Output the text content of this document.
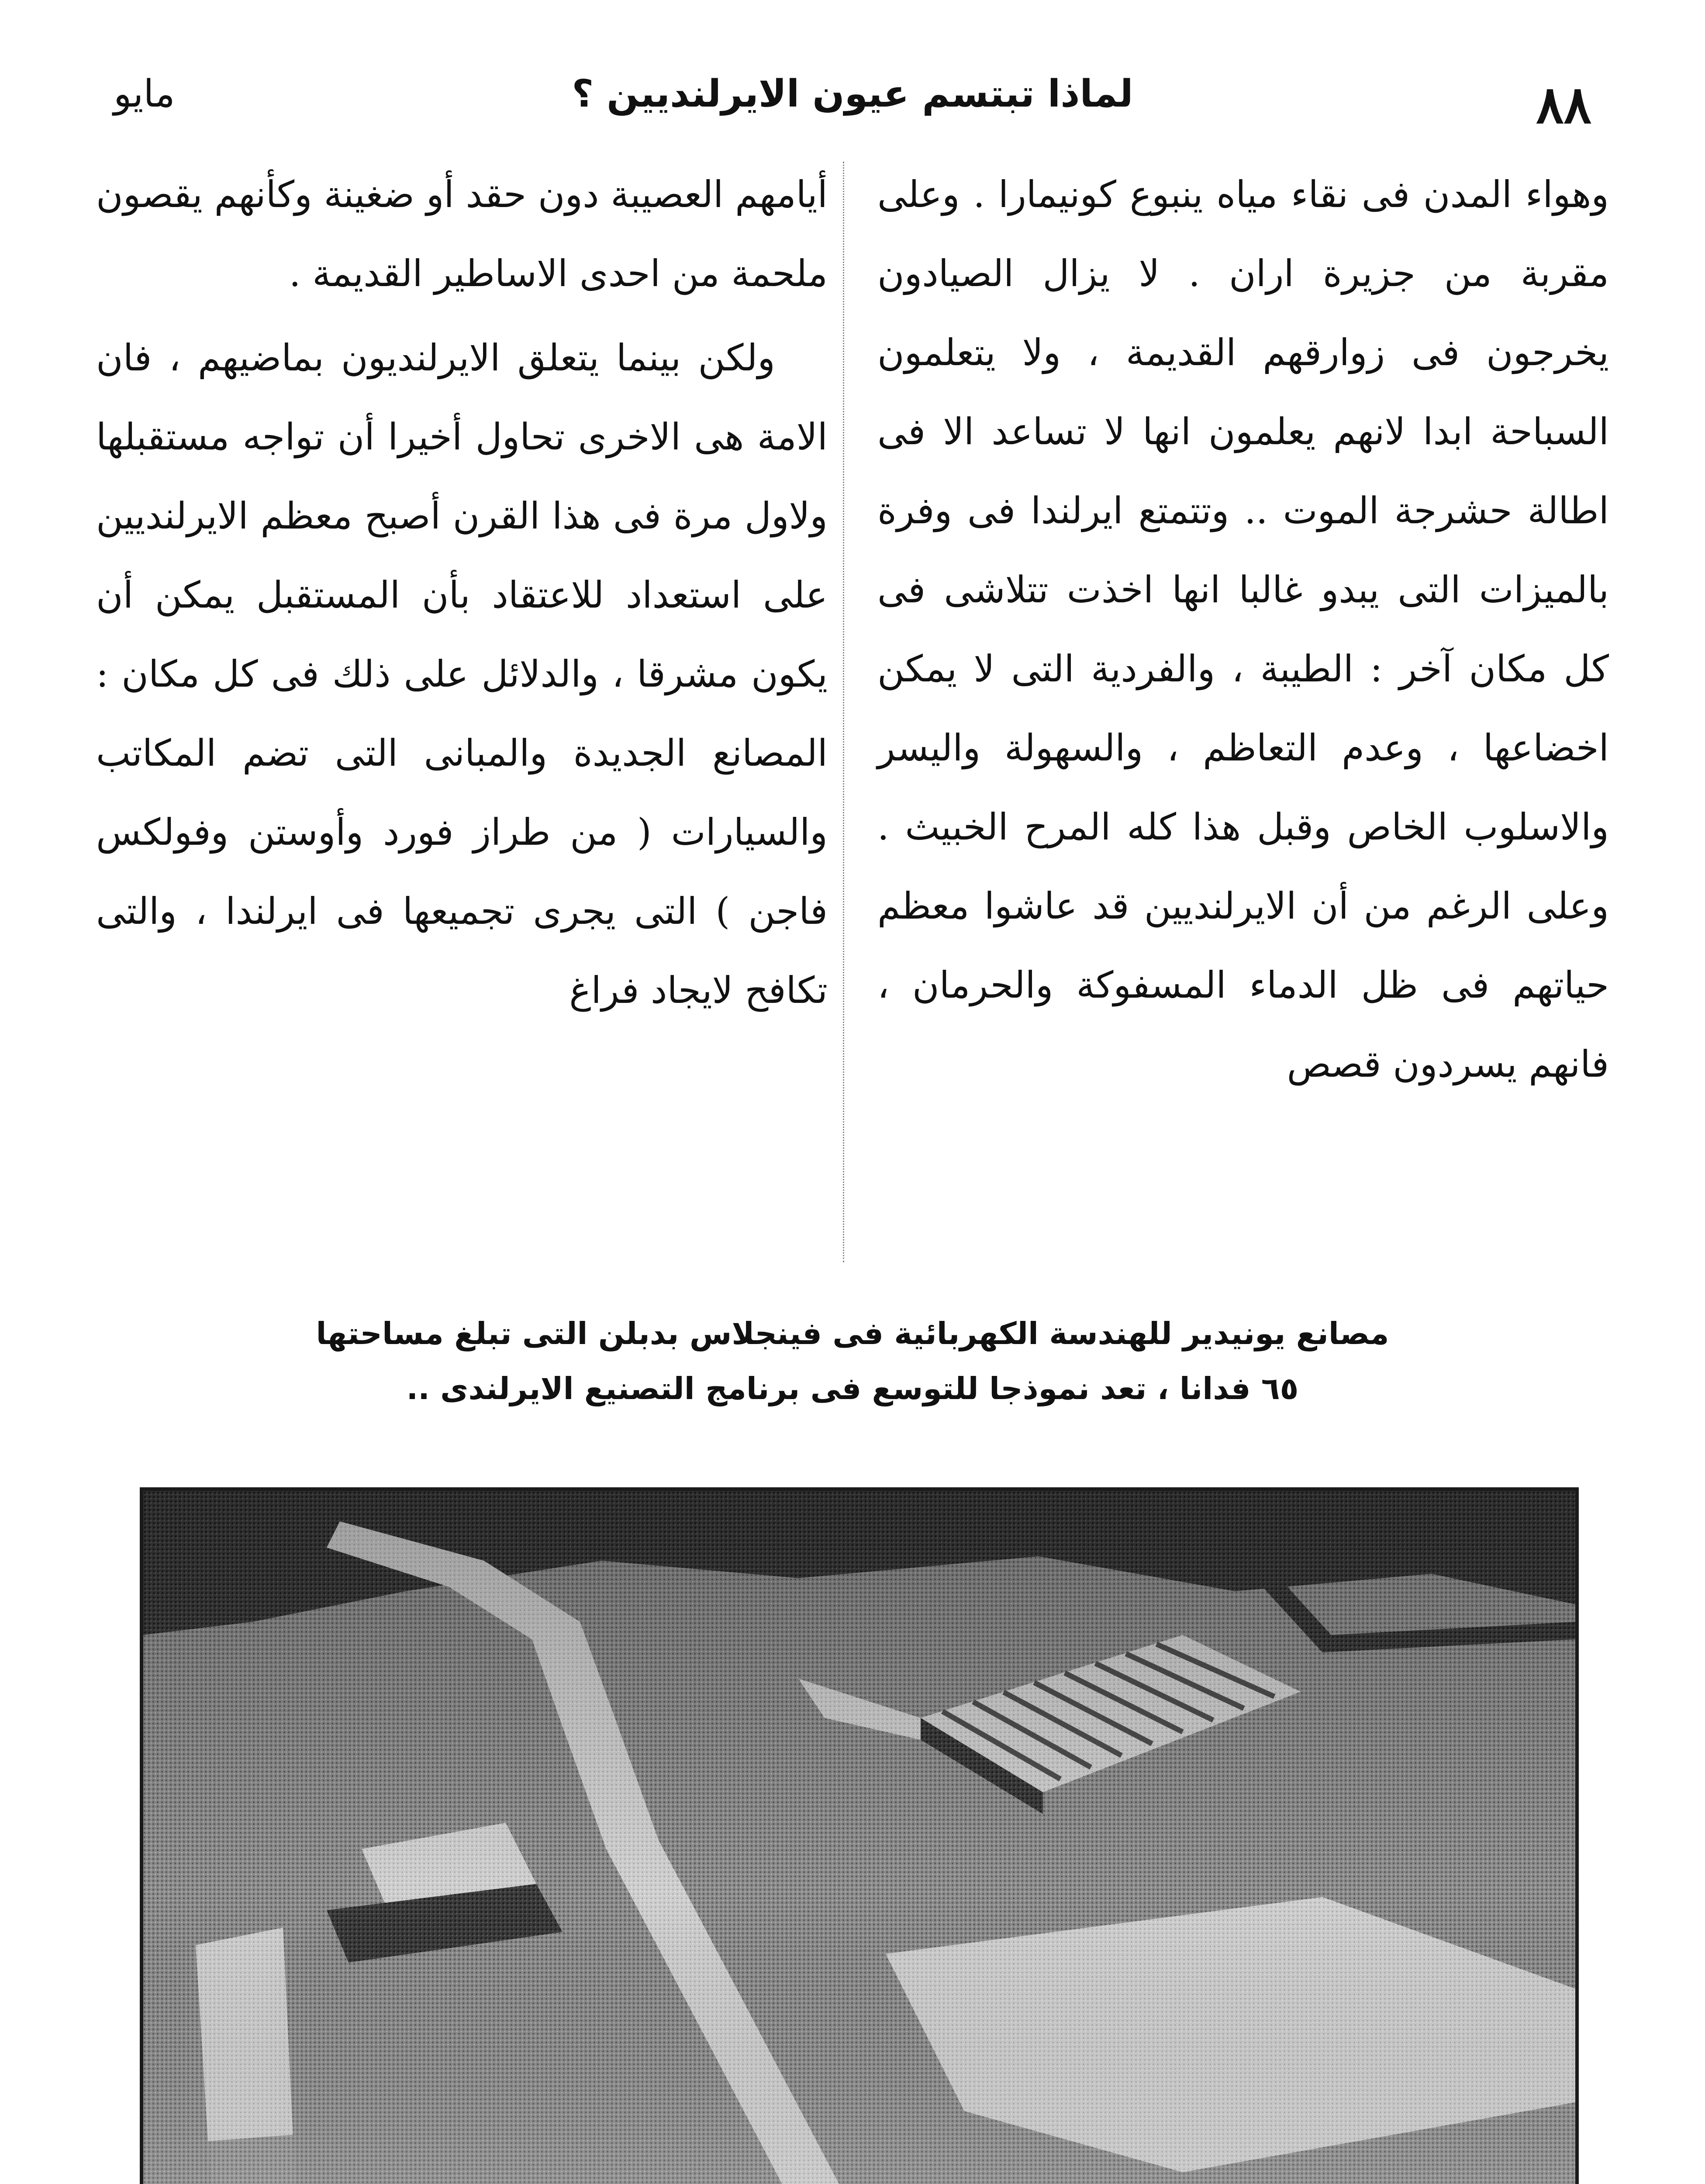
٨٨
لماذا تبتسم عيون الايرلنديين ؟
مايو

وهواء المدن فى نقاء مياه ينبوع كونيمارا . وعلى مقربة من جزيرة اران . لا يزال الصيادون يخرجون فى زوارقهم القديمة ، ولا يتعلمون السباحة ابدا لانهم يعلمون انها لا تساعد الا فى اطالة حشرجة الموت .. وتتمتع ايرلندا فى وفرة بالميزات التى يبدو غالبا انها اخذت تتلاشى فى كل مكان آخر : الطيبة ، والفردية التى لا يمكن اخضاعها ، وعدم التعاظم ، والسهولة واليسر والاسلوب الخاص وقبل هذا كله المرح الخبيث . وعلى الرغم من أن الايرلنديين قد عاشوا معظم حياتهم فى ظل الدماء المسفوكة والحرمان ، فانهم يسردون قصص

أيامهم العصيبة دون حقد أو ضغينة وكأنهم يقصون ملحمة من احدى الاساطير القديمة .

ولكن بينما يتعلق الايرلنديون بماضيهم ، فان الامة هى الاخرى تحاول أخيرا أن تواجه مستقبلها ولاول مرة فى هذا القرن أصبح معظم الايرلنديين على استعداد للاعتقاد بأن المستقبل يمكن أن يكون مشرقا ، والدلائل على ذلك فى كل مكان : المصانع الجديدة والمبانى التى تضم المكاتب والسيارات ( من طراز فورد وأوستن وفولكس فاجن ) التى يجرى تجميعها فى ايرلندا ، والتى تكافح لايجاد فراغ

مصانع يونيدير للهندسة الكهربائية فى فينجلاس بدبلن التى تبلغ مساحتها
٦٥ فدانا ، تعد نموذجا للتوسع فى برنامج التصنيع الايرلندى ..
